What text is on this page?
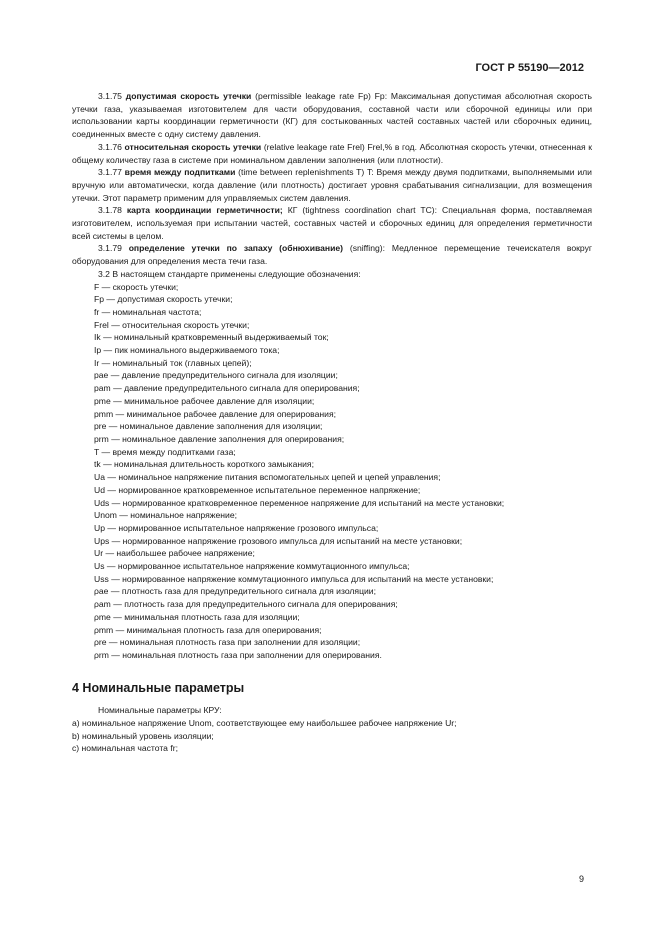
ГОСТ Р 55190—2012

3.1.75 допустимая скорость утечки (permissible leakage rate Fp) Fp: Максимальная допустимая абсолютная скорость утечки газа, указываемая изготовителем для части оборудования, составной части или сборочной единицы или при использовании карты координации герметичности (КГ) для состыкованных частей составных частей или сборочных единиц, соединенных вместе с одну систему давления.

3.1.76 относительная скорость утечки (relative leakage rate Frel) Frel,% в год. Абсолютная скорость утечки, отнесенная к общему количеству газа в системе при номинальном давлении заполнения (или плотности).

3.1.77 время между подпитками (time between replenishments T) T: Время между двумя подпитками, выполняемыми или вручную или автоматически, когда давление (или плотность) достигает уровня срабатывания сигнализации, для возмещения утечки. Этот параметр применим для управляемых систем давления.

3.1.78 карта координации герметичности; КГ (tightness coordination chart TC): Специальная форма, поставляемая изготовителем, используемая при испытании частей, составных частей и сборочных единиц для определения герметичности всей системы в целом.

3.1.79 определение утечки по запаху (обнюхивание) (sniffing): Медленное перемещение течеискателя вокруг оборудования для определения места течи газа.

3.2 В настоящем стандарте применены следующие обозначения:

F — скорость утечки;
Fp — допустимая скорость утечки;
fr — номинальная частота;
Frel — относительная скорость утечки;
Ik — номинальный кратковременный выдерживаемый ток;
Ip — пик номинального выдерживаемого тока;
Ir — номинальный ток (главных цепей);
pae — давление предупредительного сигнала для изоляции;
pam — давление предупредительного сигнала для оперирования;
pme — минимальное рабочее давление для изоляции;
pmm — минимальное рабочее давление для оперирования;
pre — номинальное давление заполнения для изоляции;
prm — номинальное давление заполнения для оперирования;
T — время между подпитками газа;
tk — номинальная длительность короткого замыкания;
Ua — номинальное напряжение питания вспомогательных цепей и цепей управления;
Ud — нормированное кратковременное испытательное переменное напряжение;
Uds — нормированное кратковременное переменное напряжение для испытаний на месте установки;
Unom — номинальное напряжение;
Up — нормированное испытательное напряжение грозового импульса;
Ups — нормированное напряжение грозового импульса для испытаний на месте установки;
Ur — наибольшее рабочее напряжение;
Us — нормированное испытательное напряжение коммутационного импульса;
Uss — нормированное напряжение коммутационного импульса для испытаний на месте установки;
ρae — плотность газа для предупредительного сигнала для изоляции;
ρam — плотность газа для предупредительного сигнала для оперирования;
ρme — минимальная плотность газа для изоляции;
ρmm — минимальная плотность газа для оперирования;
ρre — номинальная плотность газа при заполнении для изоляции;
ρrm — номинальная плотность газа при заполнении для оперирования.
4 Номинальные параметры

Номинальные параметры КРУ:

a) номинальное напряжение Unom, соответствующее ему наибольшее рабочее напряжение Ur;
b) номинальный уровень изоляции;
c) номинальная частота fr;
9
